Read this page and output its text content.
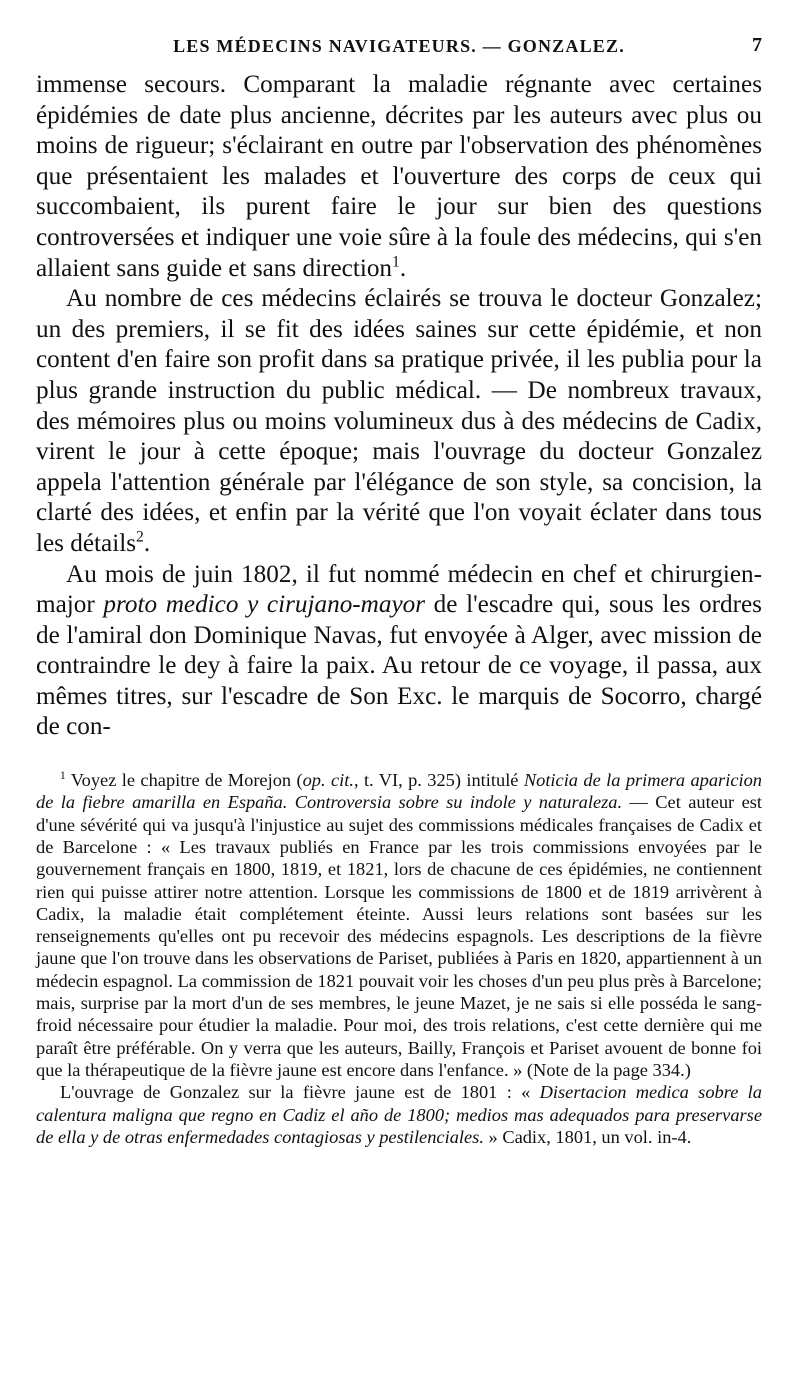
LES MÉDECINS NAVIGATEURS. — GONZALEZ.	7

immense secours. Comparant la maladie régnante avec certaines épidémies de date plus ancienne, décrites par les auteurs avec plus ou moins de rigueur; s'éclairant en outre par l'observation des phénomènes que présentaient les malades et l'ouverture des corps de ceux qui succombaient, ils purent faire le jour sur bien des questions controversées et indiquer une voie sûre à la foule des médecins, qui s'en allaient sans guide et sans direction$^1$.

Au nombre de ces médecins éclairés se trouva le docteur Gonzalez; un des premiers, il se fit des idées saines sur cette épidémie, et non content d'en faire son profit dans sa pratique privée, il les publia pour la plus grande instruction du public médical. — De nombreux travaux, des mémoires plus ou moins volumineux dus à des médecins de Cadix, virent le jour à cette époque; mais l'ouvrage du docteur Gonzalez appela l'attention générale par l'élégance de son style, sa concision, la clarté des idées, et enfin par la vérité que l'on voyait éclater dans tous les détails$^2$.

Au mois de juin 1802, il fut nommé médecin en chef et chirurgien-major proto medico y cirujano-mayor de l'escadre qui, sous les ordres de l'amiral don Dominique Navas, fut envoyée à Alger, avec mission de contraindre le dey à faire la paix. Au retour de ce voyage, il passa, aux mêmes titres, sur l'escadre de Son Exc. le marquis de Socorro, chargé de con-

$^1$ Voyez le chapitre de Morejon (op. cit., t. VI, p. 325) intitulé Noticia de la primera aparicion de la fiebre amarilla en España. Controversia sobre su indole y naturaleza. — Cet auteur est d'une sévérité qui va jusqu'à l'injustice au sujet des commissions médicales françaises de Cadix et de Barcelone : « Les travaux publiés en France par les trois commissions envoyées par le gouvernement français en 1800, 1819, et 1821, lors de chacune de ces épidémies, ne contiennent rien qui puisse attirer notre attention. Lorsque les commissions de 1800 et de 1819 arrivèrent à Cadix, la maladie était complétement éteinte. Aussi leurs relations sont basées sur les renseignements qu'elles ont pu recevoir des médecins espagnols. Les descriptions de la fièvre jaune que l'on trouve dans les observations de Pariset, publiées à Paris en 1820, appartiennent à un médecin espagnol. La commission de 1821 pouvait voir les choses d'un peu plus près à Barcelone; mais, surprise par la mort d'un de ses membres, le jeune Mazet, je ne sais si elle posséda le sang-froid nécessaire pour étudier la maladie. Pour moi, des trois relations, c'est cette dernière qui me paraît être préférable. On y verra que les auteurs, Bailly, François et Pariset avouent de bonne foi que la thérapeutique de la fièvre jaune est encore dans l'enfance. » (Note de la page 334.)

L'ouvrage de Gonzalez sur la fièvre jaune est de 1801 : « Disertacion medica sobre la calentura maligna que regno en Cadiz el año de 1800; medios mas adequados para preservarse de ella y de otras enfermedades contagiosas y pestilenciales. » Cadix, 1801, un vol. in-4.
